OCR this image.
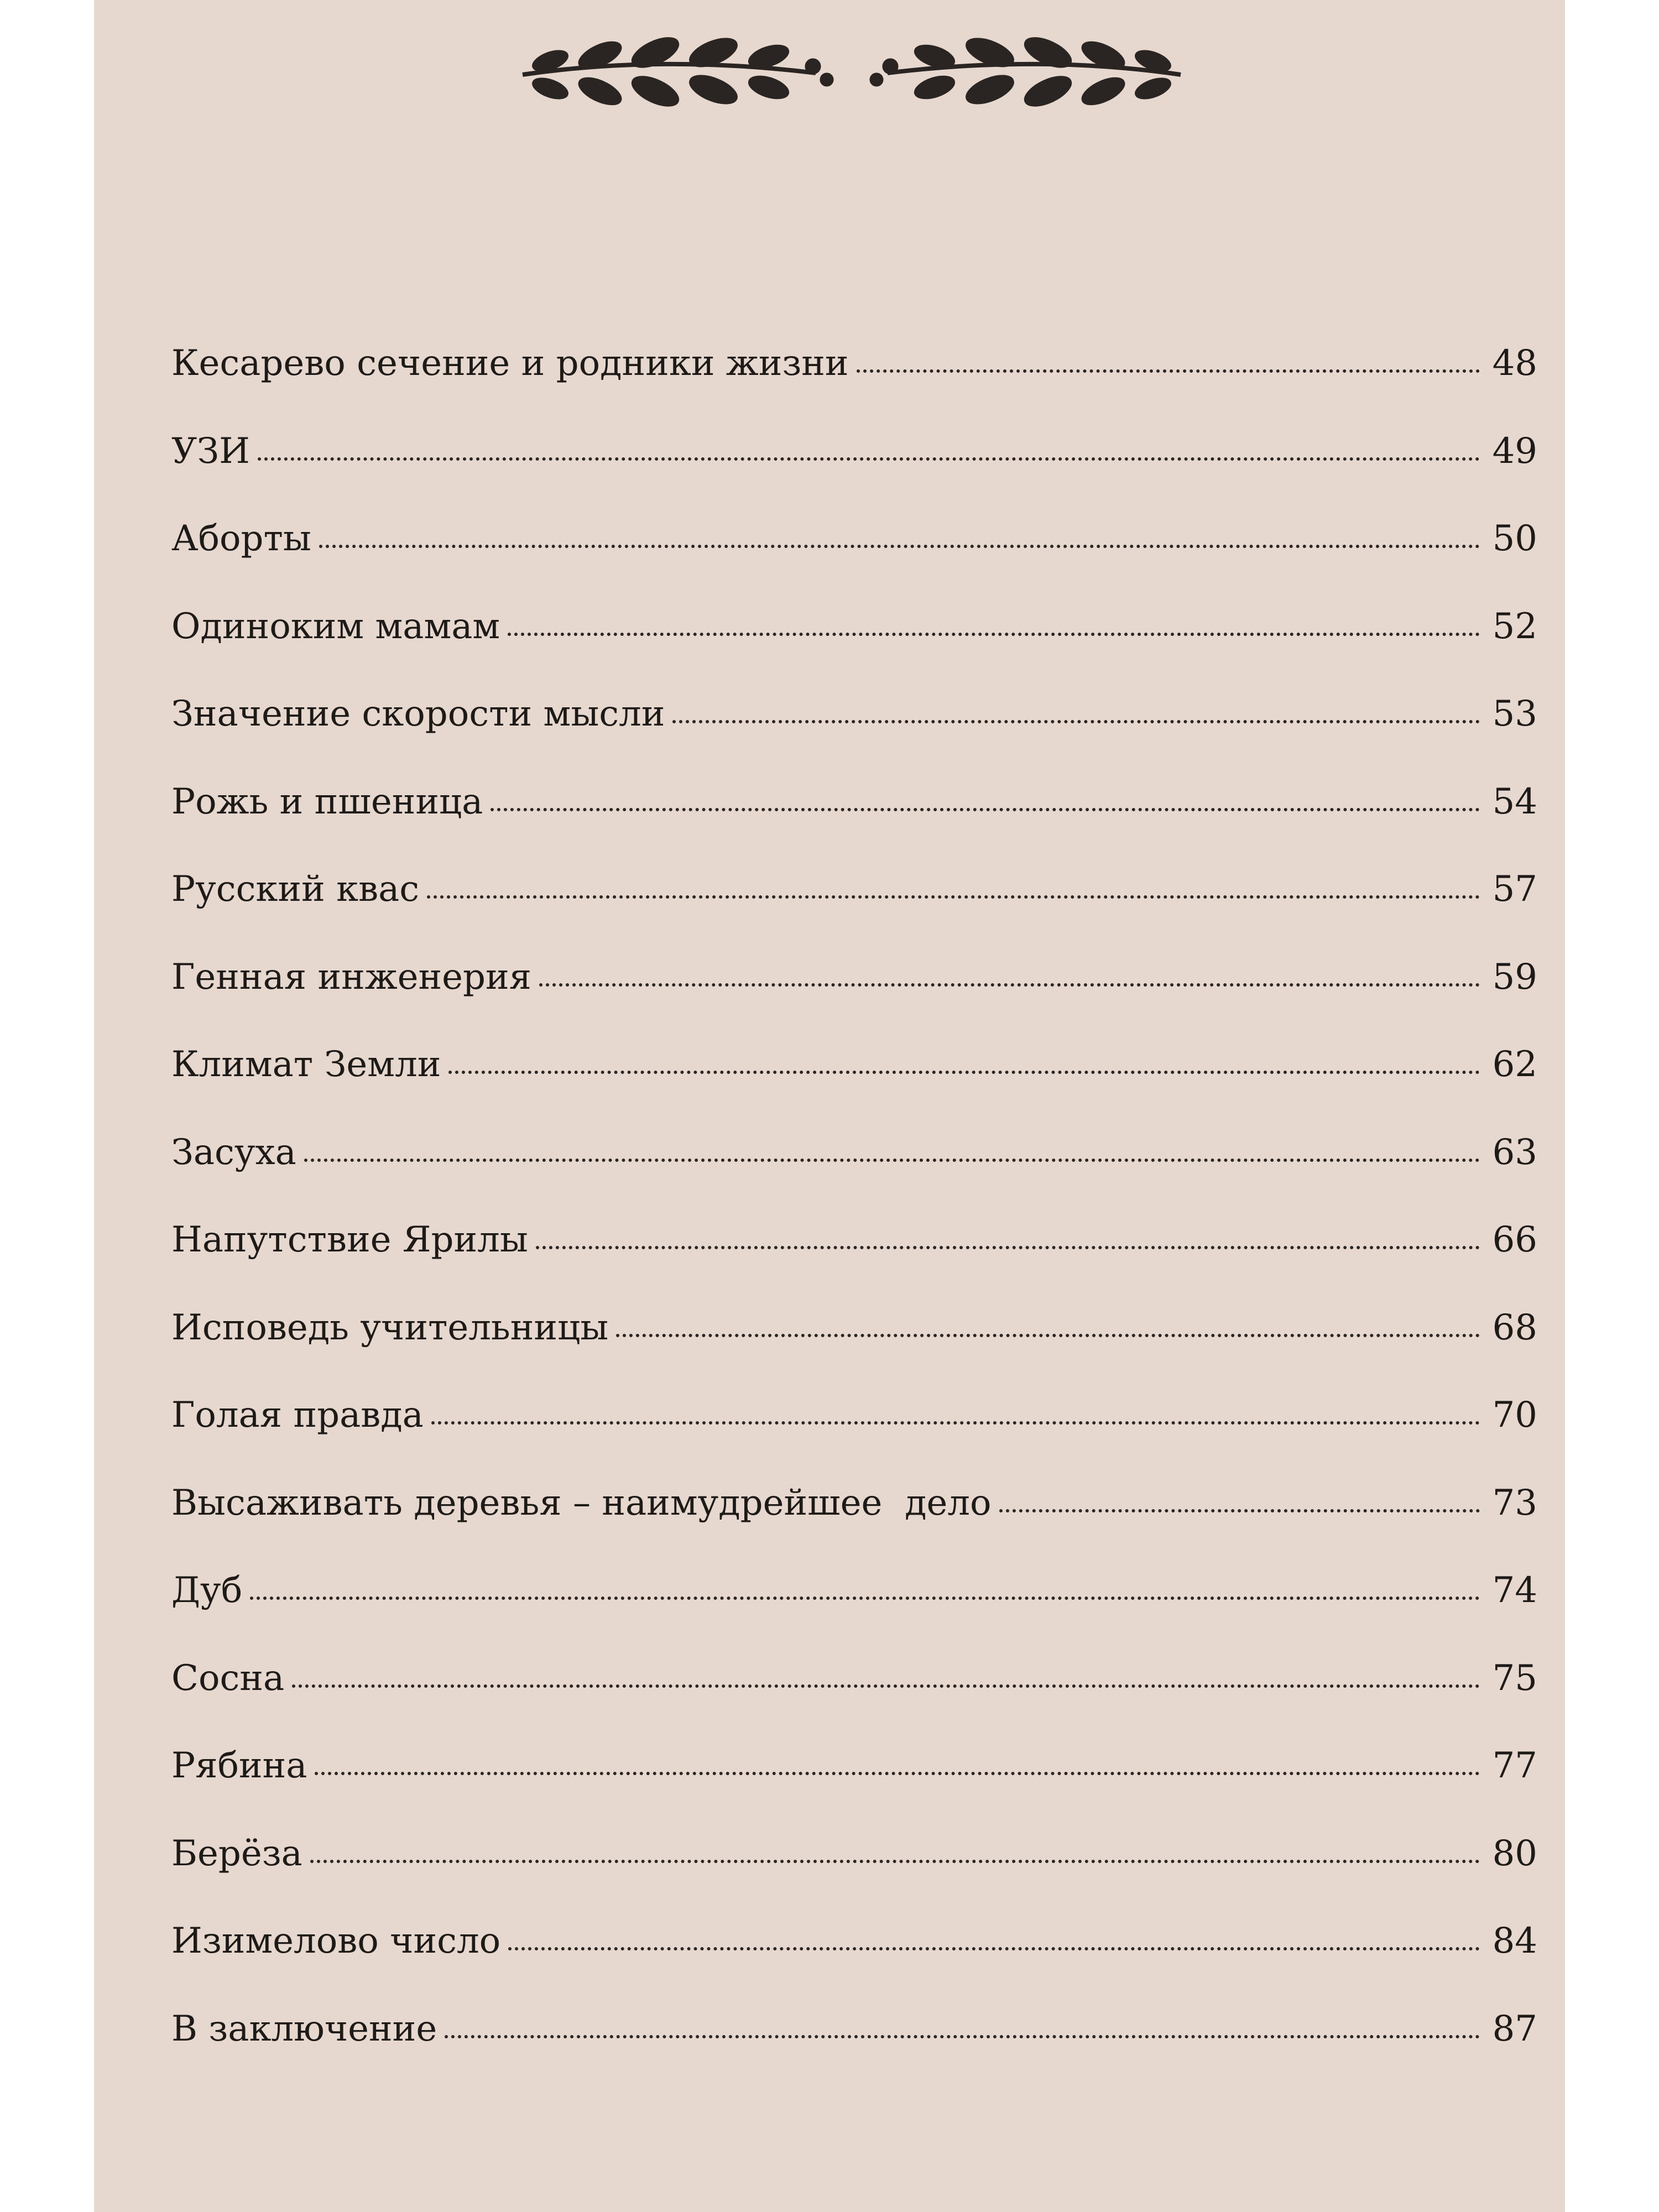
Кесарево сечение и родники жизни	48
УЗИ	49
Аборты	50
Одиноким мамам	52
Значение скорости мысли	53
Рожь и пшеница	54
Русский квас	57
Генная инженерия	59
Климат Земли	62
Засуха	63
Напутствие Ярилы	66
Исповедь учительницы	68
Голая правда	70
Высаживать деревья – наимудрейшее  дело	73
Дуб	74
Сосна	75
Рябина	77
Берёза	80
Изимелово число	84
В заключение	87
